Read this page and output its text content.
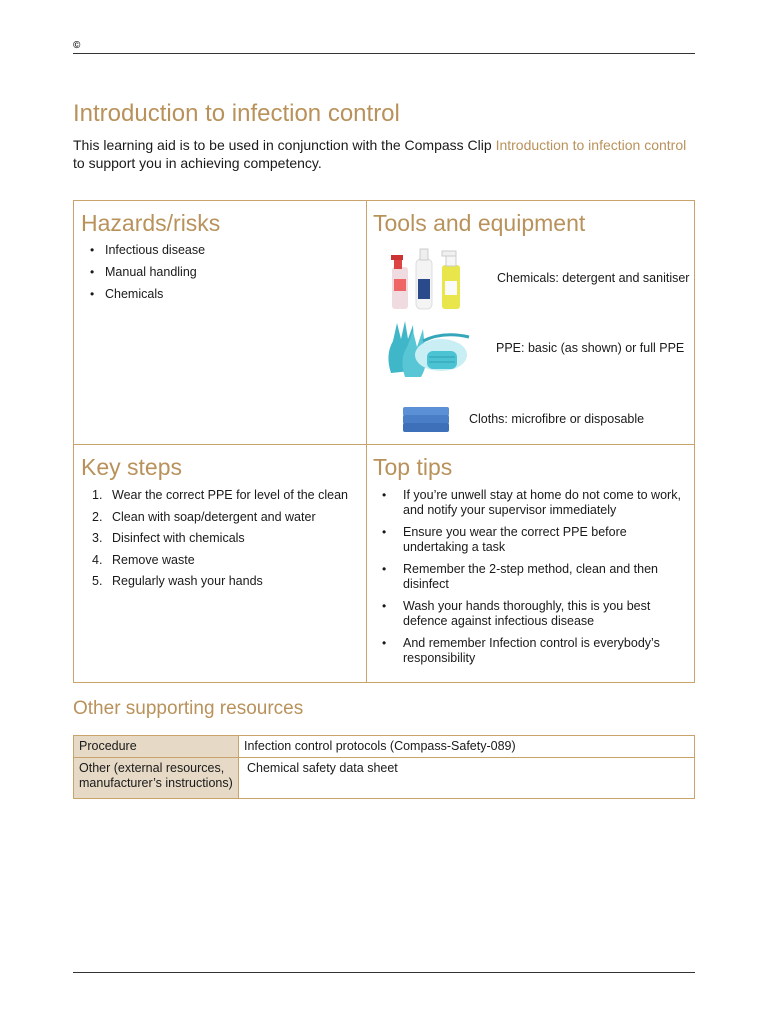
©
Introduction to infection control

This learning aid is to be used in conjunction with the Compass Clip Introduction to infection control to support you in achieving competency.

Hazards/risks
• Infectious disease
• Manual handling
• Chemicals
Tools and equipment
Chemicals: detergent and sanitiser
PPE: basic (as shown) or full PPE
Cloths: microfibre or disposable
Key steps
1. Wear the correct PPE for level of the clean
2. Clean with soap/detergent and water
3. Disinfect with chemicals
4. Remove waste
5. Regularly wash your hands
Top tips
• If you’re unwell stay at home do not come to work, and notify your supervisor immediately
• Ensure you wear the correct PPE before undertaking a task
• Remember the 2-step method, clean and then disinfect
• Wash your hands thoroughly, this is you best defence against infectious disease
• And remember Infection control is everybody’s responsibility
Other supporting resources
Procedure	Infection control protocols (Compass-Safety-089)
Other (external resources, manufacturer’s instructions)	Chemical safety data sheet
